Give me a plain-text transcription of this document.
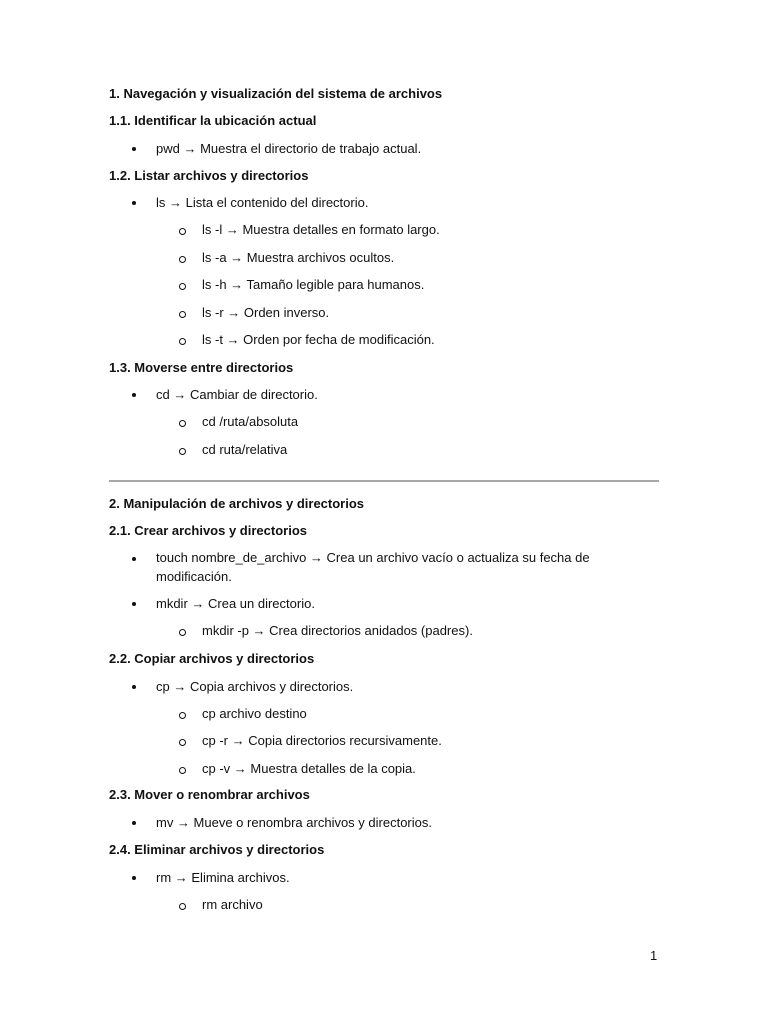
1. Navegación y visualización del sistema de archivos
1.1. Identificar la ubicación actual
pwd → Muestra el directorio de trabajo actual.
1.2. Listar archivos y directorios
ls → Lista el contenido del directorio.
ls -l → Muestra detalles en formato largo.
ls -a → Muestra archivos ocultos.
ls -h → Tamaño legible para humanos.
ls -r → Orden inverso.
ls -t → Orden por fecha de modificación.
1.3. Moverse entre directorios
cd → Cambiar de directorio.
cd /ruta/absoluta
cd ruta/relativa
2. Manipulación de archivos y directorios
2.1. Crear archivos y directorios
touch nombre_de_archivo → Crea un archivo vacío o actualiza su fecha de modificación.
mkdir → Crea un directorio.
mkdir -p → Crea directorios anidados (padres).
2.2. Copiar archivos y directorios
cp → Copia archivos y directorios.
cp archivo destino
cp -r → Copia directorios recursivamente.
cp -v → Muestra detalles de la copia.
2.3. Mover o renombrar archivos
mv → Mueve o renombra archivos y directorios.
2.4. Eliminar archivos y directorios
rm → Elimina archivos.
rm archivo
1
